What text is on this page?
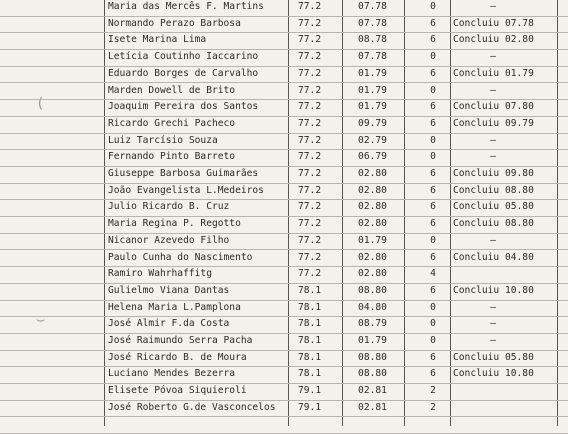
(
⌣
Maria das Mercês F. Martins	77.2	07.78	0	–
Normando Perazo Barbosa	77.2	07.78	6	Concluiu 07.78
Isete Marina Lima	77.2	08.78	6	Concluiu 02.80
Letícia Coutinho Iaccarino	77.2	07.78	0	–
Eduardo Borges de Carvalho	77.2	01.79	6	Concluiu 01.79
Marden Dowell de Brito	77.2	01.79	0	–
Joaquim Pereira dos Santos	77.2	01.79	6	Concluiu 07.80
Ricardo Grechi Pacheco	77.2	09.79	6	Concluiu 09.79
Luiz Tarcísio Souza	77.2	02.79	0	–
Fernando Pinto Barreto	77.2	06.79	0	–
Giuseppe Barbosa Guimarães	77.2	02.80	6	Concluiu 09.80
João Evangelista L.Medeiros	77.2	02.80	6	Concluiu 08.80
Julio Ricardo B. Cruz	77.2	02.80	6	Concluiu 05.80
Maria Regina P. Regotto	77.2	02.80	6	Concluiu 08.80
Nicanor Azevedo Filho	77.2	01.79	0	–
Paulo Cunha do Nascimento	77.2	02.80	6	Concluiu 04.80
Ramiro Wahrhaffitg	77.2	02.80	4
Gulielmo Viana Dantas	78.1	08.80	6	Concluiu 10.80
Helena Maria L.Pamplona	78.1	04.80	0	–
José Almir F.da Costa	78.1	08.79	0	–
José Raimundo Serra Pacha	78.1	01.79	0	–
José Ricardo B. de Moura	78.1	08.80	6	Concluiu 05.80
Luciano Mendes Bezerra	78.1	08.80	6	Concluiu 10.80
Elisete Póvoa Siquieroli	79.1	02.81	2
José Roberto G.de Vasconcelos	79.1	02.81	2
